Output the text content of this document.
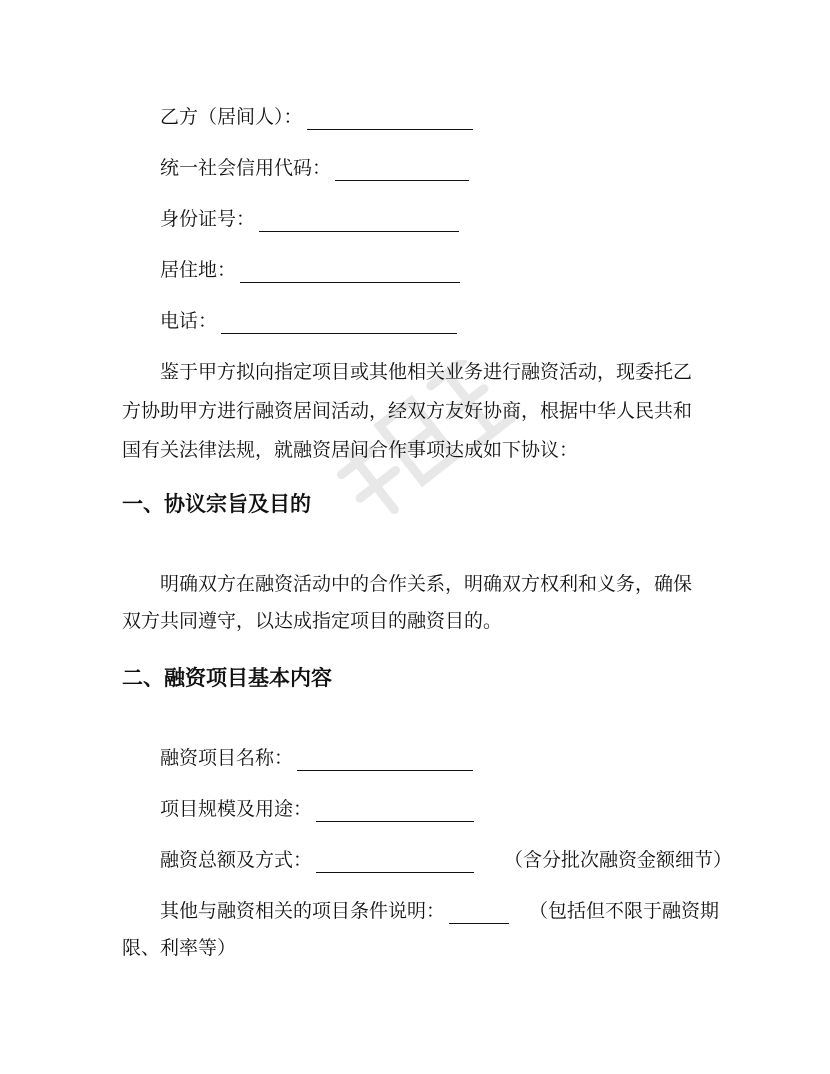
乙方（居间人）：
统一社会信用代码：
身份证号：
居住地：
电话：
鉴于甲方拟向指定项目或其他相关业务进行融资活动，现委托乙
方协助甲方进行融资居间活动，经双方友好协商，根据中华人民共和
国有关法律法规，就融资居间合作事项达成如下协议：
一、协议宗旨及目的
明确双方在融资活动中的合作关系，明确双方权利和义务，确保
双方共同遵守，以达成指定项目的融资目的。
二、融资项目基本内容
融资项目名称：
项目规模及用途：
融资总额及方式：	（含分批次融资金额细节）
其他与融资相关的项目条件说明：	（包括但不限于融资期
限、利率等）
